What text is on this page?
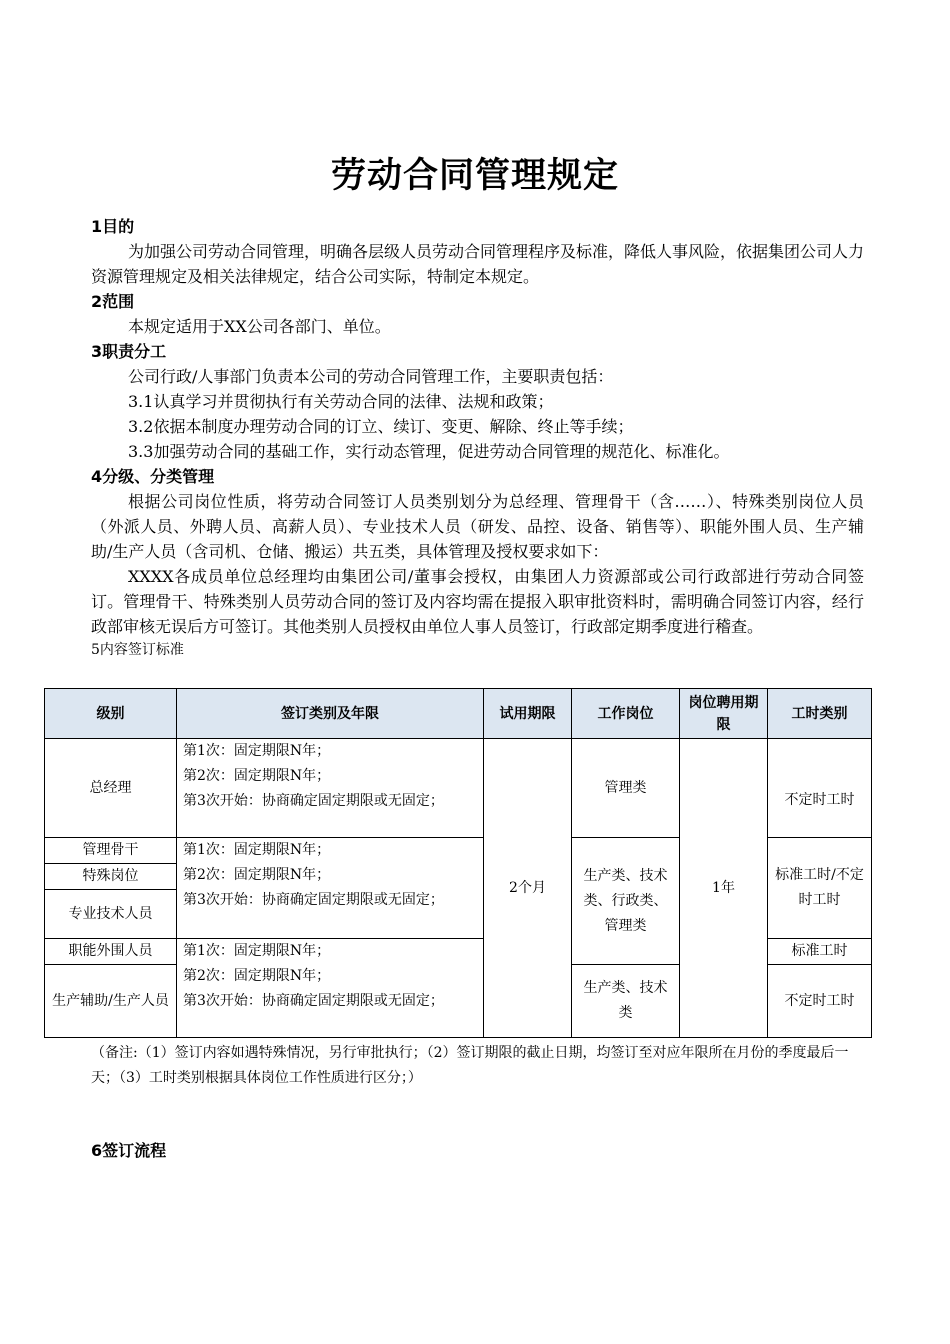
劳动合同管理规定

1目的

为加强公司劳动合同管理，明确各层级人员劳动合同管理程序及标准，降低人事风险，依据集团公司人力资源管理规定及相关法律规定，结合公司实际，特制定本规定。

2范围

本规定适用于XX公司各部门、单位。

3职责分工

公司行政/人事部门负责本公司的劳动合同管理工作，主要职责包括：

3.1认真学习并贯彻执行有关劳动合同的法律、法规和政策；

3.2依据本制度办理劳动合同的订立、续订、变更、解除、终止等手续；

3.3加强劳动合同的基础工作，实行动态管理，促进劳动合同管理的规范化、标准化。

4分级、分类管理

根据公司岗位性质，将劳动合同签订人员类别划分为总经理、管理骨干（含……）、特殊类别岗位人员（外派人员、外聘人员、高薪人员）、专业技术人员（研发、品控、设备、销售等）、职能外围人员、生产辅助/生产人员（含司机、仓储、搬运）共五类，具体管理及授权要求如下：

XXXX各成员单位总经理均由集团公司/董事会授权，由集团人力资源部或公司行政部进行劳动合同签订。管理骨干、特殊类别人员劳动合同的签订及内容均需在提报入职审批资料时，需明确合同签订内容，经行政部审核无误后方可签订。其他类别人员授权由单位人事人员签订，行政部定期季度进行稽查。

5内容签订标准

级别	签订类别及年限	试用期限	工作岗位	岗位聘用期限	工时类别
总经理	第1次：固定期限N年；
第2次：固定期限N年；
第3次开始：协商确定固定期限或无固定；	2个月	管理类	1年	不定时工时
管理骨干	第1次：固定期限N年；
第2次：固定期限N年；
第3次开始：协商确定固定期限或无固定；		生产类、技术类、行政类、管理类		标准工时/不定时工时
特殊岗位					
专业技术人员					
职能外围人员	第1次：固定期限N年；
第2次：固定期限N年；
第3次开始：协商确定固定期限或无固定；				标准工时
生产辅助/生产人员			生产类、技术类		不定时工时
（备注:（1）签订内容如遇特殊情况，另行审批执行；（2）签订期限的截止日期，均签订至对应年限所在月份的季度最后一天；（3）工时类别根据具体岗位工作性质进行区分；）

6签订流程
